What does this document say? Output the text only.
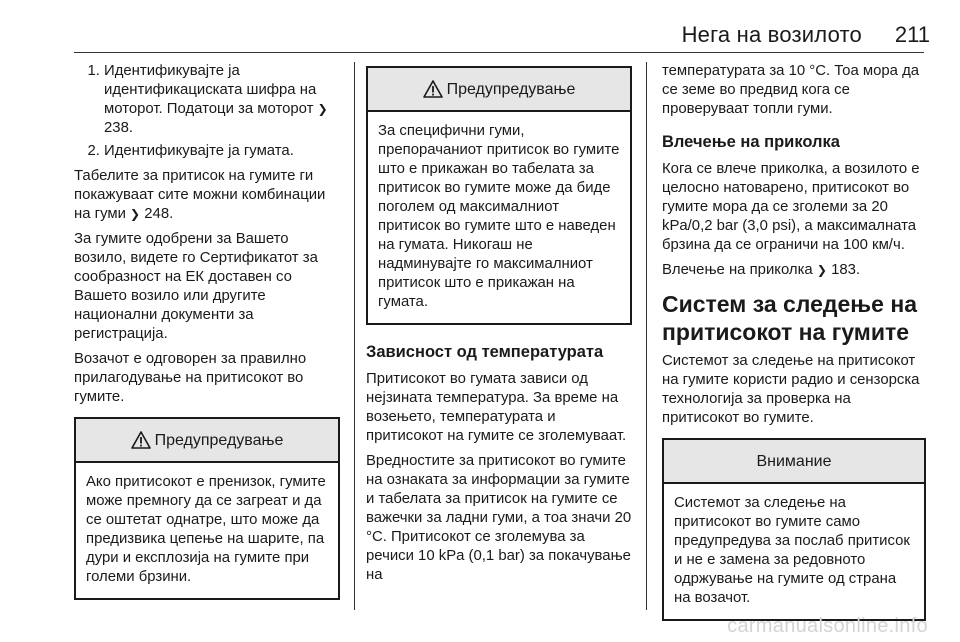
Нега на возилото 211
1. Идентификувајте ја идентификациската шифра на моторот. Податоци за моторот ❯ 238.
2. Идентификувајте ја гумата.

Табелите за притисок на гумите ги покажуваат сите можни комбинации на гуми ❯ 248.

За гумите одобрени за Вашето возило, видете го Сертификатот за сообразност на ЕК доставен со Вашето возило или другите национални документи за регистрација.

Возачот е одговорен за правилно прилагодување на притисокот во гумите.

Предупредување
Ако притисокот е пренизок, гумите може премногу да се загреат и да се оштетат однатре, што може да предизвика цепење на шарите, па дури и експлозија на гумите при големи брзини.
Предупредување
За специфични гуми, препорачаниот притисок во гумите што е прикажан во табелата за притисок во гумите може да биде поголем од максималниот притисок во гумите што е наведен на гумата. Никогаш не надминувајте го максималниот притисок што е прикажан на гумата.
Зависност од температурата

Притисокот во гумата зависи од нејзината температура. За време на возењето, температурата и притисокот на гумите се зголемуваат.

Вредностите за притисокот во гумите на ознаката за информации за гумите и табелата за притисок на гумите се важечки за ладни гуми, а тоа значи 20 °C. Притисокот се зголемува за речиси 10 kPa (0,1 bar) за покачување на

температурата за 10 °C. Тоа мора да се земе во предвид кога се проверуваат топли гуми.

Влечење на приколка

Кога се влече приколка, а возилото е целосно натоварено, притисокот во гумите мора да се зголеми за 20 kPa/0,2 bar (3,0 psi), а максималната брзина да се ограничи на 100 км/ч.

Влечење на приколка ❯ 183.

Систем за следење на притисокот на гумите

Системот за следење на притисокот на гумите користи радио и сензорска технологија за проверка на притисокот во гумите.

Внимание
Системот за следење на притисокот во гумите само предупредува за послаб притисок и не е замена за редовното одржување на гумите од страна на возачот.
carmanualsonline.info
